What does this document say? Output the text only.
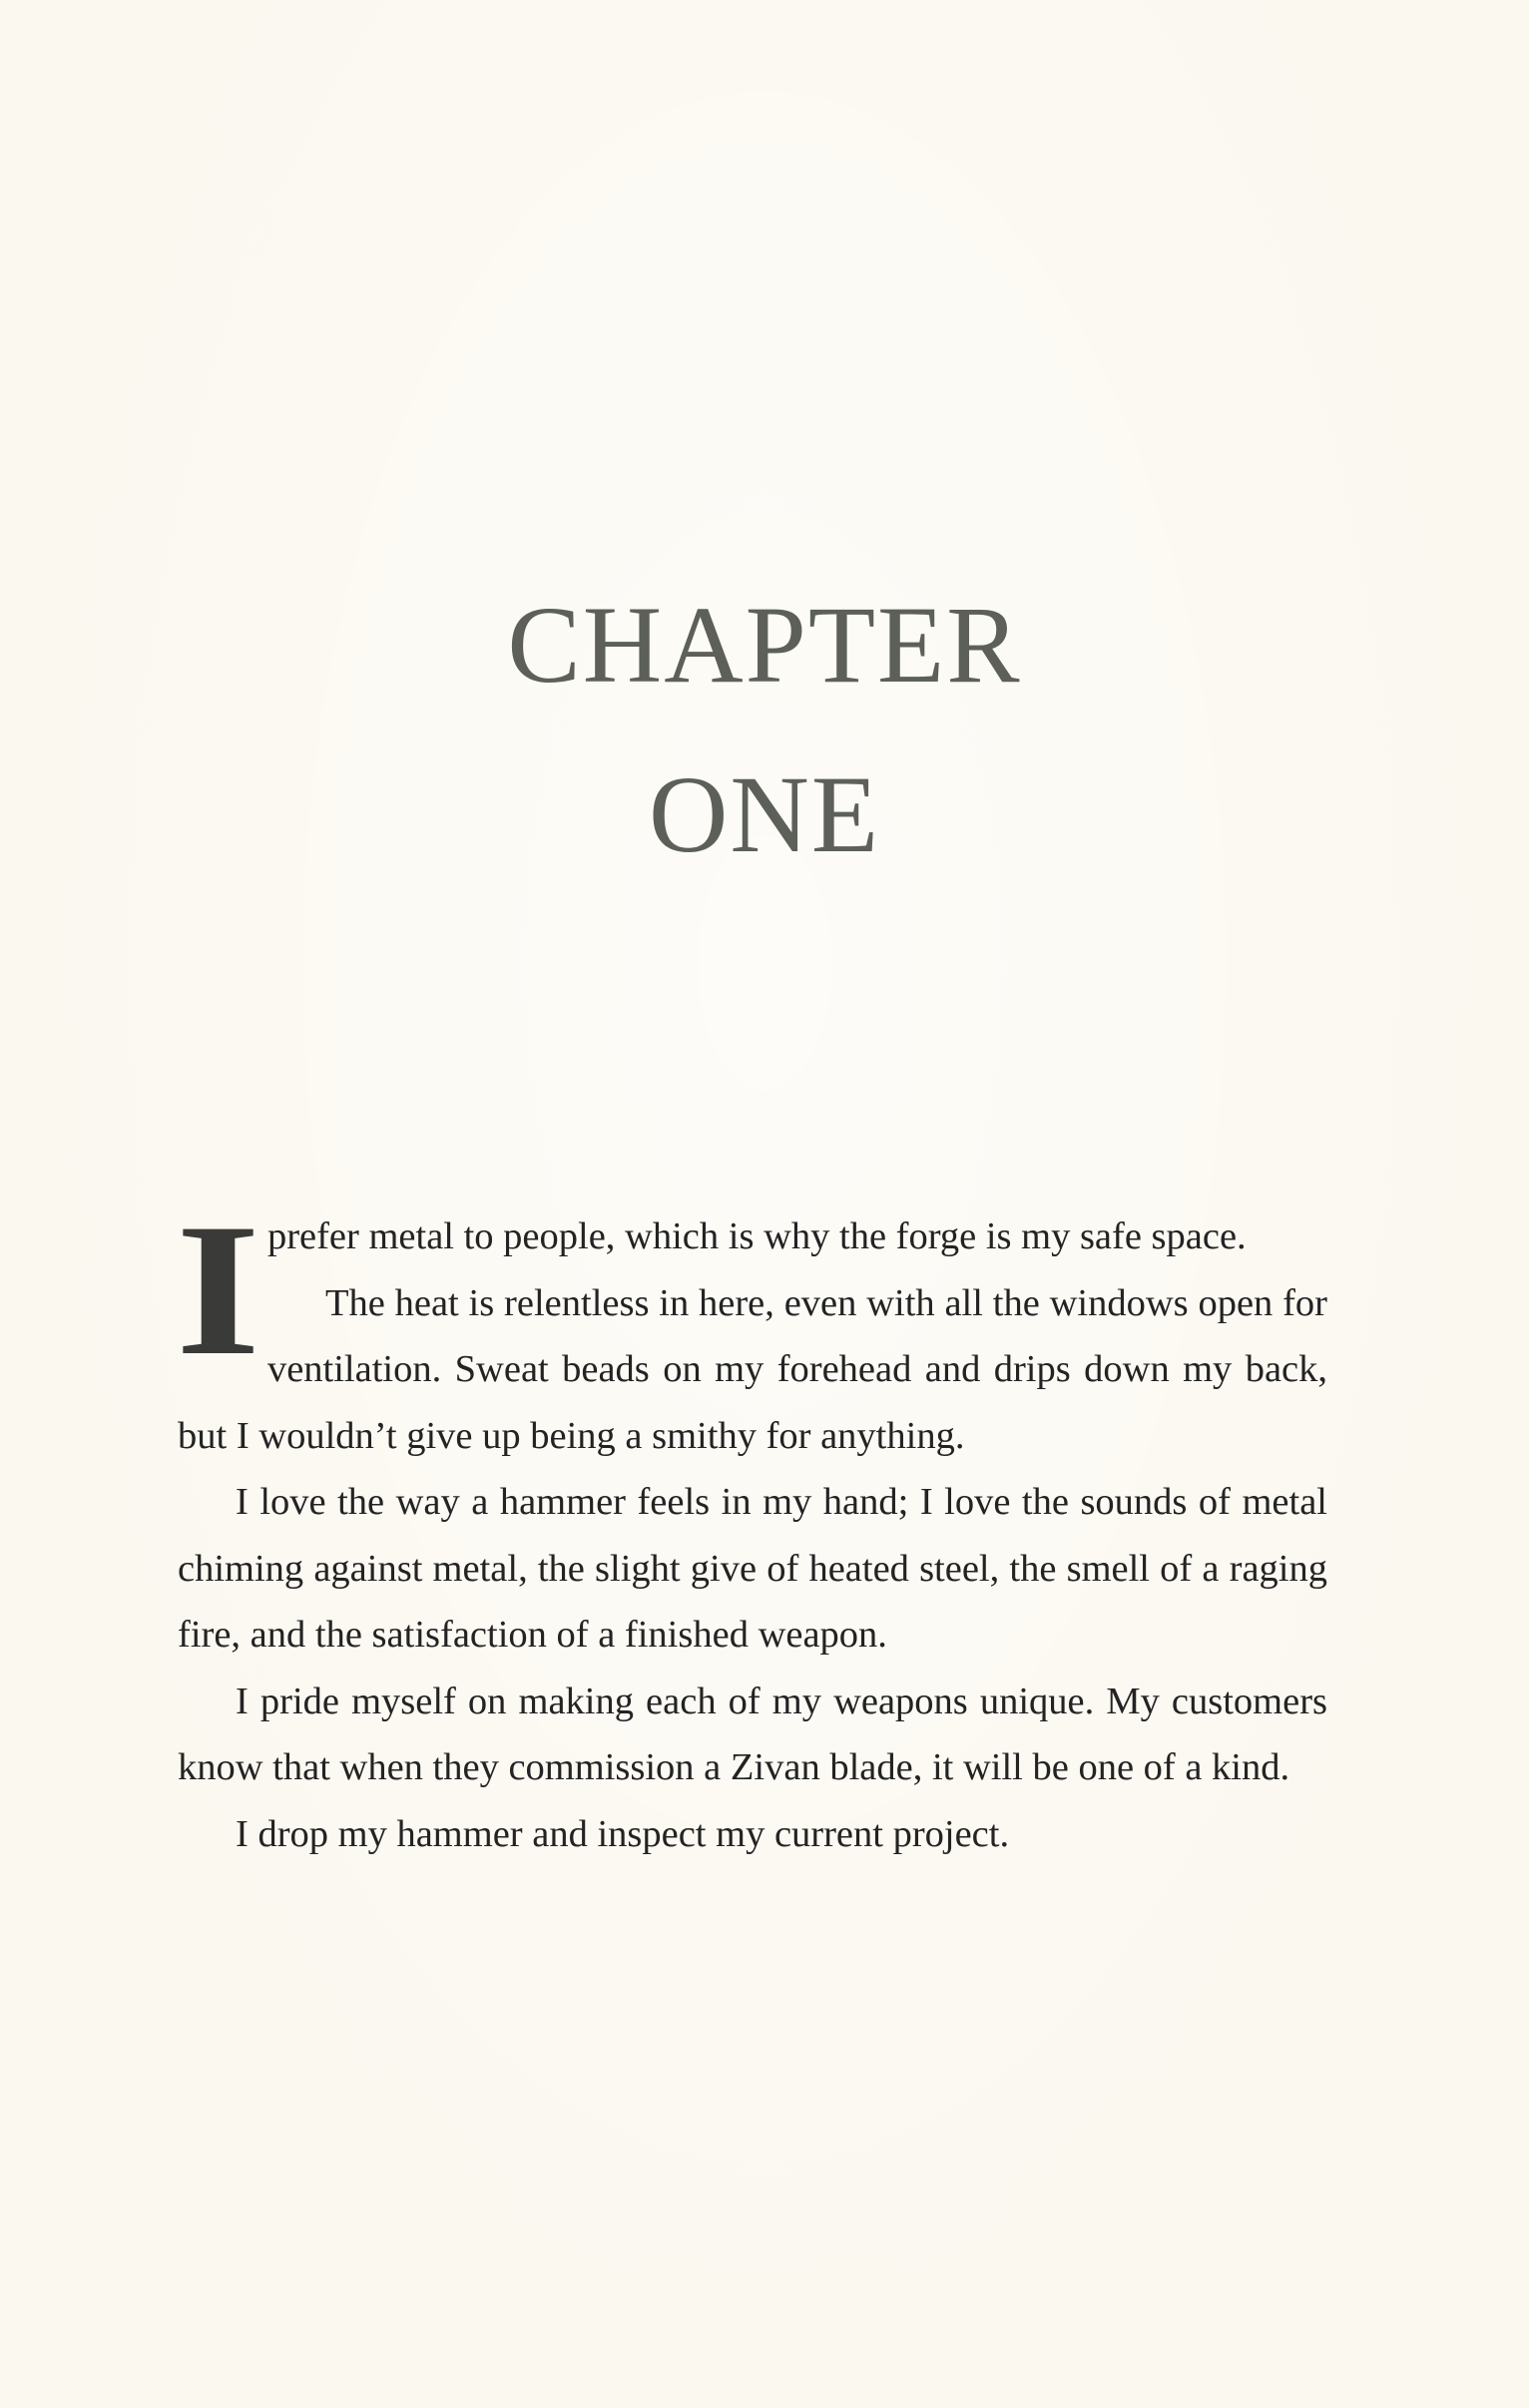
CHAPTER
ONE

Iprefer metal to people, which is why the forge is my safe space.

The heat is relentless in here, even with all the windows open for ventilation. Sweat beads on my forehead and drips down my back, but I wouldn’t give up being a smithy for anything.

I love the way a hammer feels in my hand; I love the sounds of metal chiming against metal, the slight give of heated steel, the smell of a raging fire, and the satisfaction of a finished weapon.

I pride myself on making each of my weapons unique. My customers know that when they commission a Zivan blade, it will be one of a kind.

I drop my hammer and inspect my current project.
